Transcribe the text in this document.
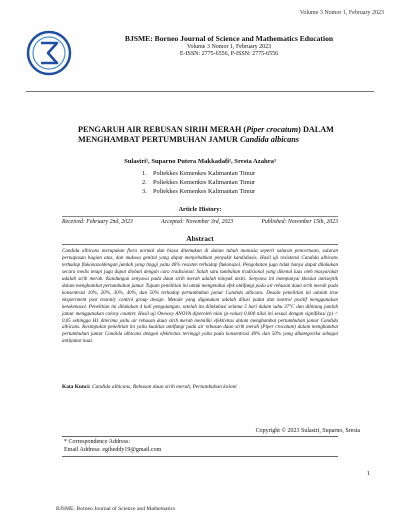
Volume 3 Nomor 1, February 2023
BJSME: Borneo Journal of Science and Mathematics Education
Volume 3 Nomor 1, February 2023
E-ISSN: 2775-6556, P-ISSN: 2775-6556
PENGARUH AIR REBUSAN SIRIH MERAH (Piper crocatum) DALAM
MENGHAMBAT PERTUMBUHAN JAMUR Candida albicans
Sulastri¹, Suparno Putera Makkadafi², Sresta Azahra³
1. Poltekkes Kemenkes Kalimantan Timur
2. Poltekkes Kemenkes Kalimantan Timur
3. Poltekkes Kemenkes Kalimantan Timur
Article History:
Received: February 2nd, 2023	Accepted: November 3rd, 2023	Published: November 15th, 2023
Abstract
Candida albicans merupakan flora normal dan biasa ditemukan di dalam tubuh manusia seperti saluran pencernaan, saluran pernapasan bagian atas, dan mukosa genital yang dapat menyebabkan penyakit kandidiasis. Hasil uji resistensi Candida albicans terhadap flukonazoldengan jumlah yang tinggi yaitu 46% resisten terhadap flukonazol. Pengobatan juga tidak hanya dapat dilakukan secara medis tetapi juga dapat diobati dengan cara tradisional. Salah satu tumbuhan tradisional yang dikenal luas oleh masyarakat adalah sirih merah. Kandungan senyawa pada daun sirih merah adalah minyak atsiri. Senyawa ini mempunyai khasiat antiseptik dalam menghambat pertumbuhan jamur. Tujuan penelitian ini untuk mengetahui efek antifungi pada air rebusan daun sirih merah pada konsentrasi 10%, 20%, 30%, 40%, dan 50% terhadap pertumbuhan jamur Candida albicans. Desain penelitian ini adalah true eksperiment post testonly control group design. Metode yang digunakan adalah dilusi padat dan kontrol positif menggunakan ketokenazol. Penelitian ini dilakukan 4 kali pengulangan, setelah itu diinkubasi selama 5 hari dalam suhu 37°C dan dihitung jumlah jamur menggunakan colony counter. Hasil uji Oneway ANOVA diperoleh nilai (p-value) 0,000 nilai ini sesuai dengan signifikasi (p) < 0,05 sehingga H1 diterima yaitu air rebusan daun sirih merah memiliki efektivitas dalam menghambat pertumbuhan jamur Candida albicans. Kesimpulan penelitian ini yaitu kualitas antifungi pada air rebusan daun sirih merah (Piper crocatum) dalam menghambat pertumbuhan jamur Candida albicans dengan efektivitas tertinggi yaitu pada konsentrasi 40% dan 50% yang dikategorika sebagai antijamur kuat.
Kata Kunci: Candida albicans, Rebusan daun sirih merah, Pertumbuhan koloni
Copyright © 2023 Sulastri, Suparno, Sresta
* Correspondence Address:
Email Address: egiheddy19@gmail.com
1
BJSME: Borneo Journal of Science and Mathematics
